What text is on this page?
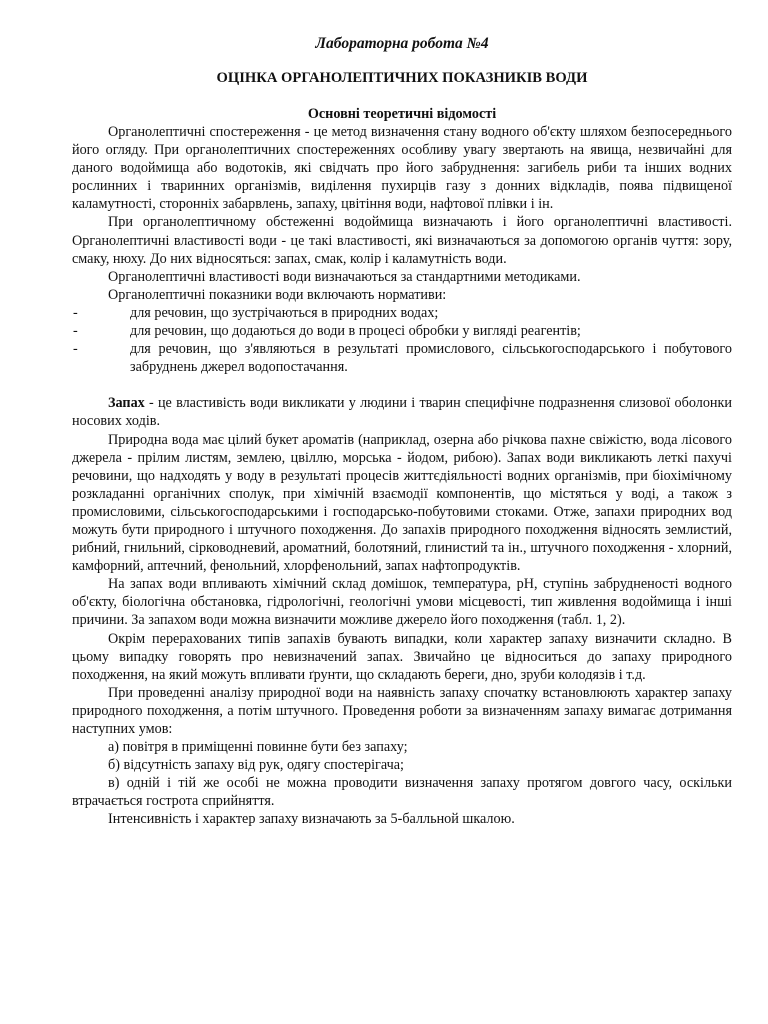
Лабораторна робота №4
ОЦІНКА ОРГАНОЛЕПТИЧНИХ ПОКАЗНИКІВ ВОДИ
Основні теоретичні відомості

Органолептичні спостереження - це метод визначення стану водного об'єкту шляхом безпосереднього його огляду. При органолептичних спостереженнях особливу увагу звертають на явища, незвичайні для даного водоймища або водотоків, які свідчать про його забруднення: загибель риби та інших водних рослинних і тваринних організмів, виділення пухирців газу з донних відкладів, поява підвищеної каламутності, сторонніх забарвлень, запаху, цвітіння води, нафтової плівки і ін.

При органолептичному обстеженні водоймища визначають і його органолептичні властивості. Органолептичні властивості води - це такі властивості, які визначаються за допомогою органів чуття: зору, смаку, нюху. До них відносяться: запах, смак, колір і каламутність води.

Органолептичні властивості води визначаються за стандартними методиками.

Органолептичні показники води включають нормативи:

- для речовин, що зустрічаються в природних водах;
- для речовин, що додаються до води в процесі обробки у вигляді реагентів;
- для речовин, що з'являються в результаті промислового, сільськогосподарського і побутового забруднень джерел водопостачання.

Запах - це властивість води викликати у людини і тварин специфічне подразнення слизової оболонки носових ходів.

Природна вода має цілий букет ароматів (наприклад, озерна або річкова пахне свіжістю, вода лісового джерела - прілим листям, землею, цвіллю, морська - йодом, рибою). Запах води викликають леткі пахучі речовини, що надходять у воду в результаті процесів життєдіяльності водних організмів, при біохімічному розкладанні органічних сполук, при хімічній взаємодії компонентів, що містяться у воді, а також з промисловими, сільськогосподарськими і господарсько-побутовими стоками. Отже, запахи природних вод можуть бути природного і штучного походження. До запахів природного походження відносять землистий, рибний, гнильний, сірководневий, ароматний, болотяний, глинистий та ін., штучного походження - хлорний, камфорний, аптечний, фенольний, хлорфенольний, запах нафтопродуктів.

На запах води впливають хімічний склад домішок, температура, рН, ступінь забрудненості водного об'єкту, біологічна обстановка, гідрологічні, геологічні умови місцевості, тип живлення водоймища і інші причини. За запахом води можна визначити можливе джерело його походження (табл. 1, 2).

Окрім перерахованих типів запахів бувають випадки, коли характер запаху визначити складно. В цьому випадку говорять про невизначений запах. Звичайно це відноситься до запаху природного походження, на який можуть впливати ґрунти, що складають береги, дно, зруби колодязів і т.д.

При проведенні аналізу природної води на наявність запаху спочатку встановлюють характер запаху природного походження, а потім штучного. Проведення роботи за визначенням запаху вимагає дотримання наступних умов:

а) повітря в приміщенні повинне бути без запаху;

б) відсутність запаху від рук, одягу спостерігача;

в) одній і тій же особі не можна проводити визначення запаху протягом довгого часу, оскільки втрачається гострота сприйняття.

Інтенсивність і характер запаху визначають за 5-балльной шкалою.
